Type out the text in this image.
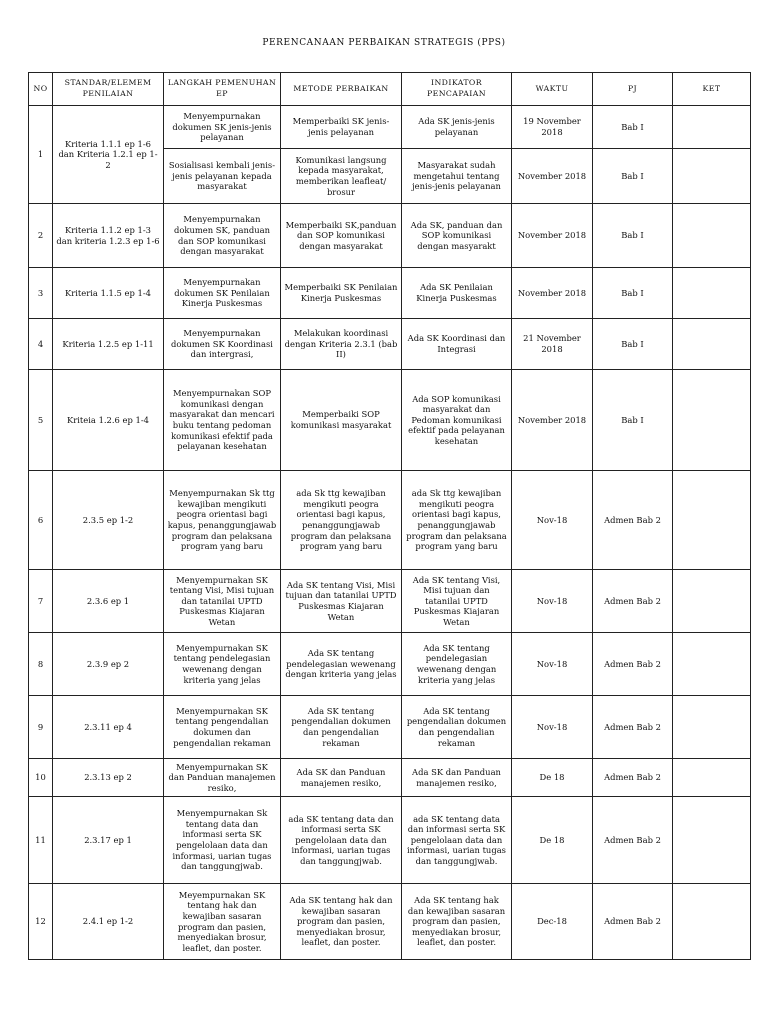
PERENCANAAN PERBAIKAN STRATEGIS (PPS)
NO	STANDAR/ELEMEM PENILAIAN	LANGKAH PEMENUHAN EP	METODE PERBAIKAN	INDIKATOR PENCAPAIAN	WAKTU	PJ	KET
1	Kriteria 1.1.1 ep 1-6 dan Kriteria 1.2.1 ep 1-2	Menyempurnakan dokumen SK jenis-jenis pelayanan	Memperbaiki SK jenis-jenis pelayanan	Ada SK jenis-jenis pelayanan	19 November 2018	Bab I	
		Sosialisasi kembali jenis-jenis pelayanan kepada masyarakat	Komunikasi langsung kepada masyarakat, memberikan leafleat/ brosur	Masyarakat sudah mengetahui tentang jenis-jenis pelayanan	November 2018	Bab I	
2	Kriteria 1.1.2 ep 1-3 dan kriteria 1.2.3 ep 1-6	Menyempurnakan dokumen SK, panduan dan SOP komunikasi dengan masyarakat	Memperbaiki SK,panduan dan SOP komunikasi dengan masyarakat	Ada SK, panduan dan SOP komunikasi dengan masyarakt	November 2018	Bab I	
3	Kriteria 1.1.5 ep 1-4	Menyempurnakan dokumen SK Penilaian Kinerja Puskesmas	Memperbaiki SK Penilaian Kinerja Puskesmas	Ada SK Penilaian Kinerja Puskesmas	November 2018	Bab I	
4	Kriteria 1.2.5 ep 1-11	Menyempurnakan dokumen SK Koordinasi dan intergrasi,	Melakukan koordinasi dengan Kriteria 2.3.1 (bab II)	Ada SK Koordinasi dan Integrasi	21 November 2018	Bab I	
5	Kriteia 1.2.6 ep 1-4	Menyempurnakan SOP komunikasi dengan masyarakat dan mencari buku tentang pedoman komunikasi efektif pada pelayanan kesehatan	Memperbaiki SOP komunikasi masyarakat	Ada SOP komunikasi masyarakat dan Pedoman komunikasi efektif pada pelayanan kesehatan	November 2018	Bab I	
6	2.3.5 ep 1-2	Menyempurnakan Sk ttg kewajiban mengikuti peogra orientasi bagi kapus, penanggungjawab program dan pelaksana program yang baru	ada Sk ttg kewajiban mengikuti peogra orientasi bagi kapus, penanggungjawab program dan pelaksana program yang baru	ada Sk ttg kewajiban mengikuti peogra orientasi bagi kapus, penanggungjawab program dan pelaksana program yang baru	Nov-18	Admen Bab 2	
7	2.3.6 ep 1	Menyempurnakan SK tentang Visi, Misi tujuan dan tatanilai UPTD Puskesmas Kiajaran Wetan	Ada SK tentang Visi, Misi tujuan dan tatanilai UPTD Puskesmas Kiajaran Wetan	Ada SK tentang Visi, Misi tujuan dan tatanilai UPTD Puskesmas Kiajaran Wetan	Nov-18	Admen Bab 2	
8	2.3.9 ep 2	Menyempurnakan SK tentang pendelegasian wewenang dengan kriteria yang jelas	Ada SK tentang pendelegasian wewenang dengan kriteria yang jelas	Ada SK tentang pendelegasian wewenang dengan kriteria yang jelas	Nov-18	Admen Bab 2	
9	2.3.11 ep 4	Menyempurnakan SK tentang pengendalian dokumen dan pengendalian rekaman	Ada SK tentang pengendalian dokumen dan pengendalian rekaman	Ada SK tentang pengendalian dokumen dan pengendalian rekaman	Nov-18	Admen Bab 2	
10	2.3.13 ep 2	Menyempurnakan SK dan Panduan manajemen resiko,	Ada SK dan Panduan manajemen resiko,	Ada SK dan Panduan manajemen resiko,	De 18	Admen Bab 2	
11	2.3.17 ep 1	Menyempurnakan Sk tentang data dan informasi serta SK pengelolaan data dan informasi, uarian tugas dan tanggungjwab.	ada SK tentang data dan informasi serta SK pengelolaan data dan informasi, uarian tugas dan tanggungjwab.	ada SK tentang data dan informasi serta SK pengelolaan data dan informasi, uarian tugas dan tanggungjwab.	De 18	Admen Bab 2	
12	2.4.1 ep 1-2	Meyempurnakan SK tentang hak dan kewajiban sasaran program dan pasien, menyediakan brosur, leaflet, dan poster.	Ada SK tentang hak dan kewajiban sasaran program dan pasien, menyediakan brosur, leaflet, dan poster.	Ada SK tentang hak dan kewajiban sasaran program dan pasien, menyediakan brosur, leaflet, dan poster.	Dec-18	Admen Bab 2	
